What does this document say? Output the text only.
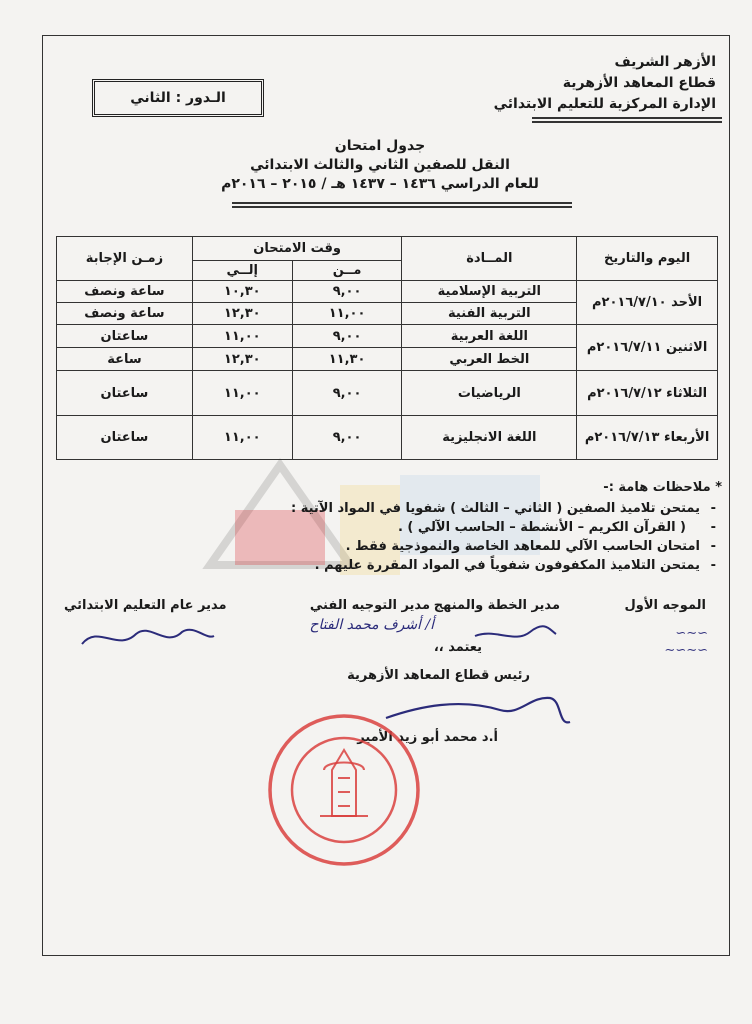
الأزهر الشريف
قطاع المعاهد الأزهرية
الإدارة المركزية للتعليم الابتدائي
الـدور : الثاني
جدول امتحان
النقل للصفين الثاني والثالث الابتدائي
للعام الدراسي ١٤٣٦ – ١٤٣٧ هـ / ٢٠١٥ – ٢٠١٦م
اليوم والتاريخ	المــادة	وقت الامتحان		زمـن الإجابة
		مــن	إلــي	
الأحد ٢٠١٦/٧/١٠م	التربية الإسلامية	٩,٠٠	١٠,٣٠	ساعة ونصف
	التربية الفنية	١١,٠٠	١٢,٣٠	ساعة ونصف
الاثنين ٢٠١٦/٧/١١م	اللغة العربية	٩,٠٠	١١,٠٠	ساعتان
	الخط العربي	١١,٣٠	١٢,٣٠	ساعة
الثلاثاء ٢٠١٦/٧/١٢م	الرياضيات	٩,٠٠	١١,٠٠	ساعتان
الأربعاء ٢٠١٦/٧/١٣م	اللغة الانجليزية	٩,٠٠	١١,٠٠	ساعتان
* ملاحظات هامة :-
- يمتحن تلاميذ الصفين ( الثاني – الثالث ) شفويا في المواد الآتية :
- ( القرآن الكريم – الأنشطة – الحاسب الآلي ) .
- امتحان الحاسب الآلي للمعاهد الخاصة والنموذجية فقط .
- يمتحن التلاميذ المكفوفون شفوياً في المواد المقررة عليهم .
الموجه الأول
∼∽∼
∼∽∼∽
مدير الخطة والمنهج
مدير التوجيه الفني
أ/ أشرف محمد الفتاح
مدير عام التعليم الابتدائي
يعتمد ،،
رئيس قطاع المعاهد الأزهرية
أ.د محمد أبو زيد الأمير
